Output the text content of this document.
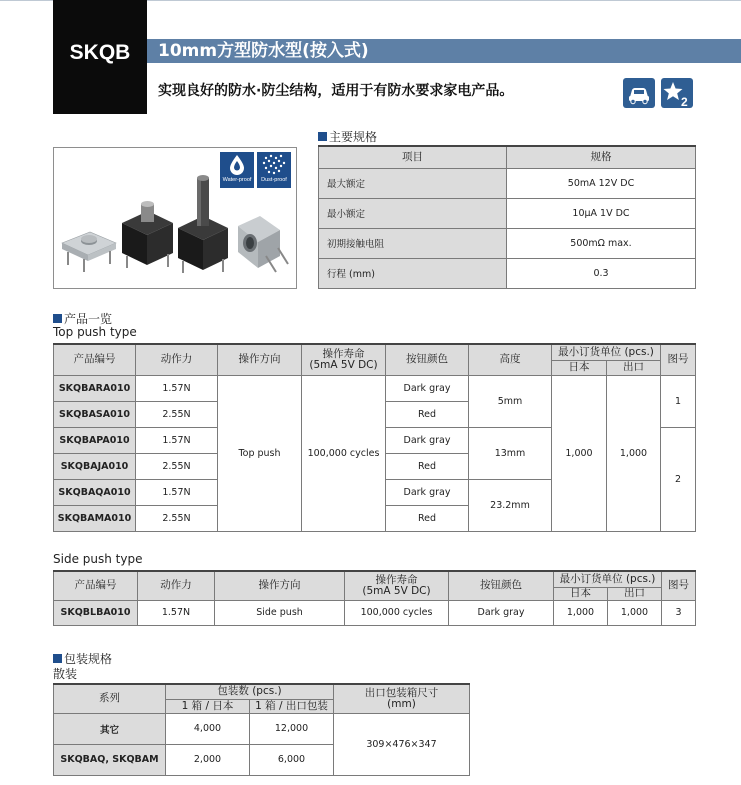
SKQB	10mm方型防水型(按入式)
实现良好的防水·防尘结构，适用于有防水要求家电产品。
2
Water-proof	Dust-proof
主要规格
项目	规格
最大额定	50mA 12V DC
最小额定	10μA 1V DC
初期接触电阻	500mΩ max.
行程 (mm)	0.3
产品一览
Top push type
产品编号	动作力	操作方向	操作寿命
(5mA 5V DC)	按钮颜色	高度	最小订货单位 (pcs.)		图号
						日本	出口	
SKQBARA010	1.57N	Top push	100,000 cycles	Dark gray	5mm	1,000	1,000	1
SKQBASA010	2.55N			Red				
SKQBAPA010	1.57N			Dark gray	13mm			2
SKQBAJA010	2.55N			Red				
SKQBAQA010	1.57N			Dark gray	23.2mm			
SKQBAMA010	2.55N			Red				
Side push type
产品编号	动作力	操作方向	操作寿命
(5mA 5V DC)	按钮颜色	最小订货单位 (pcs.)		图号
					日本	出口	
SKQBLBA010	1.57N	Side push	100,000 cycles	Dark gray	1,000	1,000	3
包装规格
散装
系列	包装数 (pcs.)		出口包装箱尺寸
(mm)
	1 箱 / 日本	1 箱 / 出口包装	
其它	4,000	12,000	309×476×347
SKQBAQ, SKQBAM	2,000	6,000	
